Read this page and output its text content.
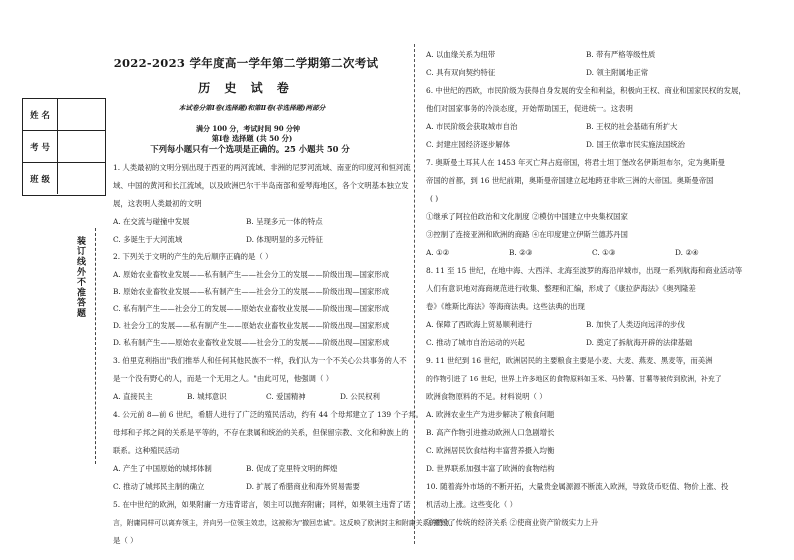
2022-2023 学年度高一学年第二学期第二次考试
历 史 试 卷
本试卷分第Ⅰ卷(选择题)和第Ⅱ卷(非选择题)两部分
满分 100 分，考试时间 90 分钟
第Ⅰ卷 选择题 (共 50 分)
下列每小题只有一个选项是正确的。25 小题共 50 分
姓 名
考 号
班 级
装订线外不准答题
1. 人类最初的文明分别出现于西亚的两河流域、非洲的尼罗河流域、南亚的印度河和恒河流
域、中国的黄河和长江流域，以及欧洲巴尔干半岛南部和爱琴海地区，各个文明基本独立发
展，这表明人类最初的文明
A. 在交流与碰撞中发展	B. 呈现多元一体的特点
C. 多诞生于大河流域	D. 体现明显的多元特征
2. 下列关于文明的产生的先后顺序正确的是（ ）
A. 原始农业畜牧业发展——私有制产生——社会分工的发展——阶级出现—国家形成
B. 原始农业畜牧业发展——私有制产生——社会分工的发展——阶级出现—国家形成
C. 私有制产生——社会分工的发展——原始农业畜牧业发展——阶级出现—国家形成
D. 社会分工的发展——私有制产生——原始农业畜牧业发展——阶级出现—国家形成
D. 私有制产生——原始农业畜牧业发展——社会分工的发展——阶级出现—国家形成
3. 伯里克利指出"我们推举人和任何其他民族不一样，我们认为一个不关心公共事务的人不
是一个没有野心的人，而是一个无用之人。"由此可见，他强调（ ）
A. 直接民主	B. 城邦意识	C. 爱国精神	D. 公民权利
4. 公元前 8—前 6 世纪，希腊人进行了广泛的殖民活动，约有 44 个母邦建立了 139 个子邦。
母邦和子邦之间的关系是平等的，不存在隶属和统治的关系，但保留宗教、文化和种族上的
联系。这种殖民活动
A. 产生了中国原始的城邦体制	B. 促成了克里特文明的辉煌
C. 推动了城邦民主制的确立	D. 扩展了希腊商业和海外贸易需要
5. 在中世纪的欧洲，如果附庸一方违背诺言，领主可以抛弃附庸；同样，如果领主违背了诺
言，附庸同样可以离弃领主，并向另一位领主效忠，这被称为"撤回忠诚"。这反映了欧洲封主和附庸关系的特点
是（ ）
A. 以血缘关系为纽带	B. 带有严格等级性质
C. 具有双向契约特征	D. 领主附属地正常
6. 中世纪的西欧，市民阶级为获得自身发展的安全和利益，积极向王权、商业和国家民权的发展，
他们对国家事务的冷淡态度，开始帮助国王，促进统一。这表明
A. 市民阶级会获取城市自治	B. 王权的社会基础有所扩大
C. 封建庄园经济逐步解体	D. 国王依靠市民实施法国统治
7. 奥斯曼土耳其人在 1453 年灭亡拜占庭帝国，将君士坦丁堡改名伊斯坦布尔，定为奥斯曼
帝国的首都，到 16 世纪前期，奥斯曼帝国建立起地跨亚非欧三洲的大帝国。奥斯曼帝国
( )
①继承了阿拉伯政治和文化制度 ②模仿中国建立中央集权国家
③控制了连接亚洲和欧洲的商路 ④在印度建立伊斯兰德苏丹国
A. ①②	B. ②③	C. ①③	D. ②④
8. 11 至 15 世纪，在地中海、大西洋、北海至波罗的海沿岸城市，出现一系列航海和商业活动等
人们有意识地对海商规范进行收集、整理和汇编，形成了《康拉萨海法》《奥列隆差
卷》《维斯比海法》等海商法典。这些法典的出现
A. 保障了西欧海上贸易顺利进行	B. 加快了人类迈向远洋的步伐
C. 推动了城市自治运动的兴起	D. 奠定了拆航海开辟的法律基础
9. 11 世纪到 16 世纪，欧洲居民的主要粮食主要是小麦、大麦、燕麦、黑麦等，而美洲
的作物引进了 16 世纪，世界上许多地区的食物原料如玉米、马铃薯、甘薯等被传到欧洲，补充了
欧洲食物原料的不足。材料说明（ ）
A. 欧洲农业生产为进步解决了粮食问题
B. 高产作物引进推动欧洲人口急剧增长
C. 欧洲居民饮食结构丰富营养摄入均衡
D. 世界联系加强丰富了欧洲的食物结构
10. 随着海外市场的不断开拓，大量贵金属源源不断流入欧洲，导致货币贬值、物价上涨、投
机活动上涨。这些变化（ ）
①摧毁了传统的经济关系 ②使商业资产阶级实力上升
